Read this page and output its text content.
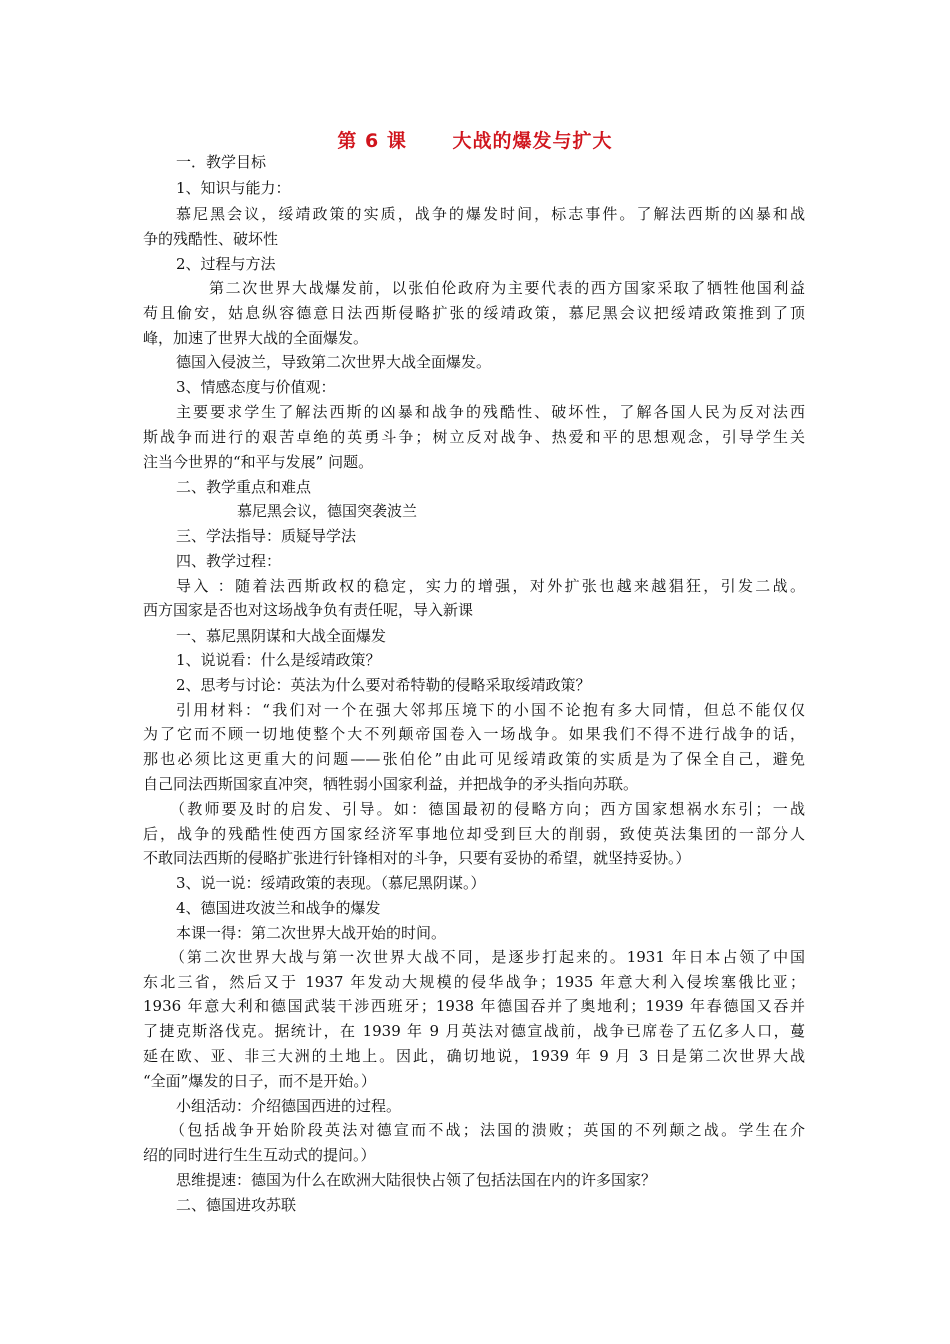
第 6 课      大战的爆发与扩大
一．教学目标
1、知识与能力：
慕尼黑会议，绥靖政策的实质，战争的爆发时间，标志事件。了解法西斯的凶暴和战
争的残酷性、破坏性
2、过程与方法
第二次世界大战爆发前，以张伯伦政府为主要代表的西方国家采取了牺牲他国利益
苟且偷安，姑息纵容德意日法西斯侵略扩张的绥靖政策，慕尼黑会议把绥靖政策推到了顶
峰，加速了世界大战的全面爆发。
德国入侵波兰，导致第二次世界大战全面爆发。
3、情感态度与价值观：
主要要求学生了解法西斯的凶暴和战争的残酷性、破坏性，了解各国人民为反对法西
斯战争而进行的艰苦卓绝的英勇斗争；树立反对战争、热爱和平的思想观念，引导学生关
注当今世界的“和平与发展” 问题。
二、教学重点和难点
慕尼黑会议，德国突袭波兰
三、学法指导：质疑导学法
四、教学过程：
导入 ：随着法西斯政权的稳定，实力的增强，对外扩张也越来越猖狂，引发二战。
西方国家是否也对这场战争负有责任呢，导入新课
一、慕尼黑阴谋和大战全面爆发
1、说说看：什么是绥靖政策？
2、思考与讨论：英法为什么要对希特勒的侵略采取绥靖政策？
引用材料：“我们对一个在强大邻邦压境下的小国不论抱有多大同情，但总不能仅仅
为了它而不顾一切地使整个大不列颠帝国卷入一场战争。如果我们不得不进行战争的话，
那也必须比这更重大的问题——张伯伦”由此可见绥靖政策的实质是为了保全自己，避免
自己同法西斯国家直冲突，牺牲弱小国家利益，并把战争的矛头指向苏联。
（教师要及时的启发、引导。如：德国最初的侵略方向；西方国家想祸水东引；一战
后，战争的残酷性使西方国家经济军事地位却受到巨大的削弱，致使英法集团的一部分人
不敢同法西斯的侵略扩张进行针锋相对的斗争，只要有妥协的希望，就坚持妥协。）
3、说一说：绥靖政策的表现。（慕尼黑阴谋。）
4、德国进攻波兰和战争的爆发
本课一得：第二次世界大战开始的时间。
（第二次世界大战与第一次世界大战不同，是逐步打起来的。1931 年日本占领了中国
东北三省，然后又于 1937 年发动大规模的侵华战争；1935 年意大利入侵埃塞俄比亚；
1936 年意大利和德国武装干涉西班牙；1938 年德国吞并了奥地利；1939 年春德国又吞并
了捷克斯洛伐克。据统计，在 1939 年 9 月英法对德宣战前，战争已席卷了五亿多人口，蔓
延在欧、亚、非三大洲的土地上。因此，确切地说，1939 年 9 月 3 日是第二次世界大战
“全面”爆发的日子，而不是开始。）
小组活动：介绍德国西进的过程。
（包括战争开始阶段英法对德宣而不战；法国的溃败；英国的不列颠之战。学生在介
绍的同时进行生生互动式的提问。）
思维提速：德国为什么在欧洲大陆很快占领了包括法国在内的许多国家？
二、德国进攻苏联
